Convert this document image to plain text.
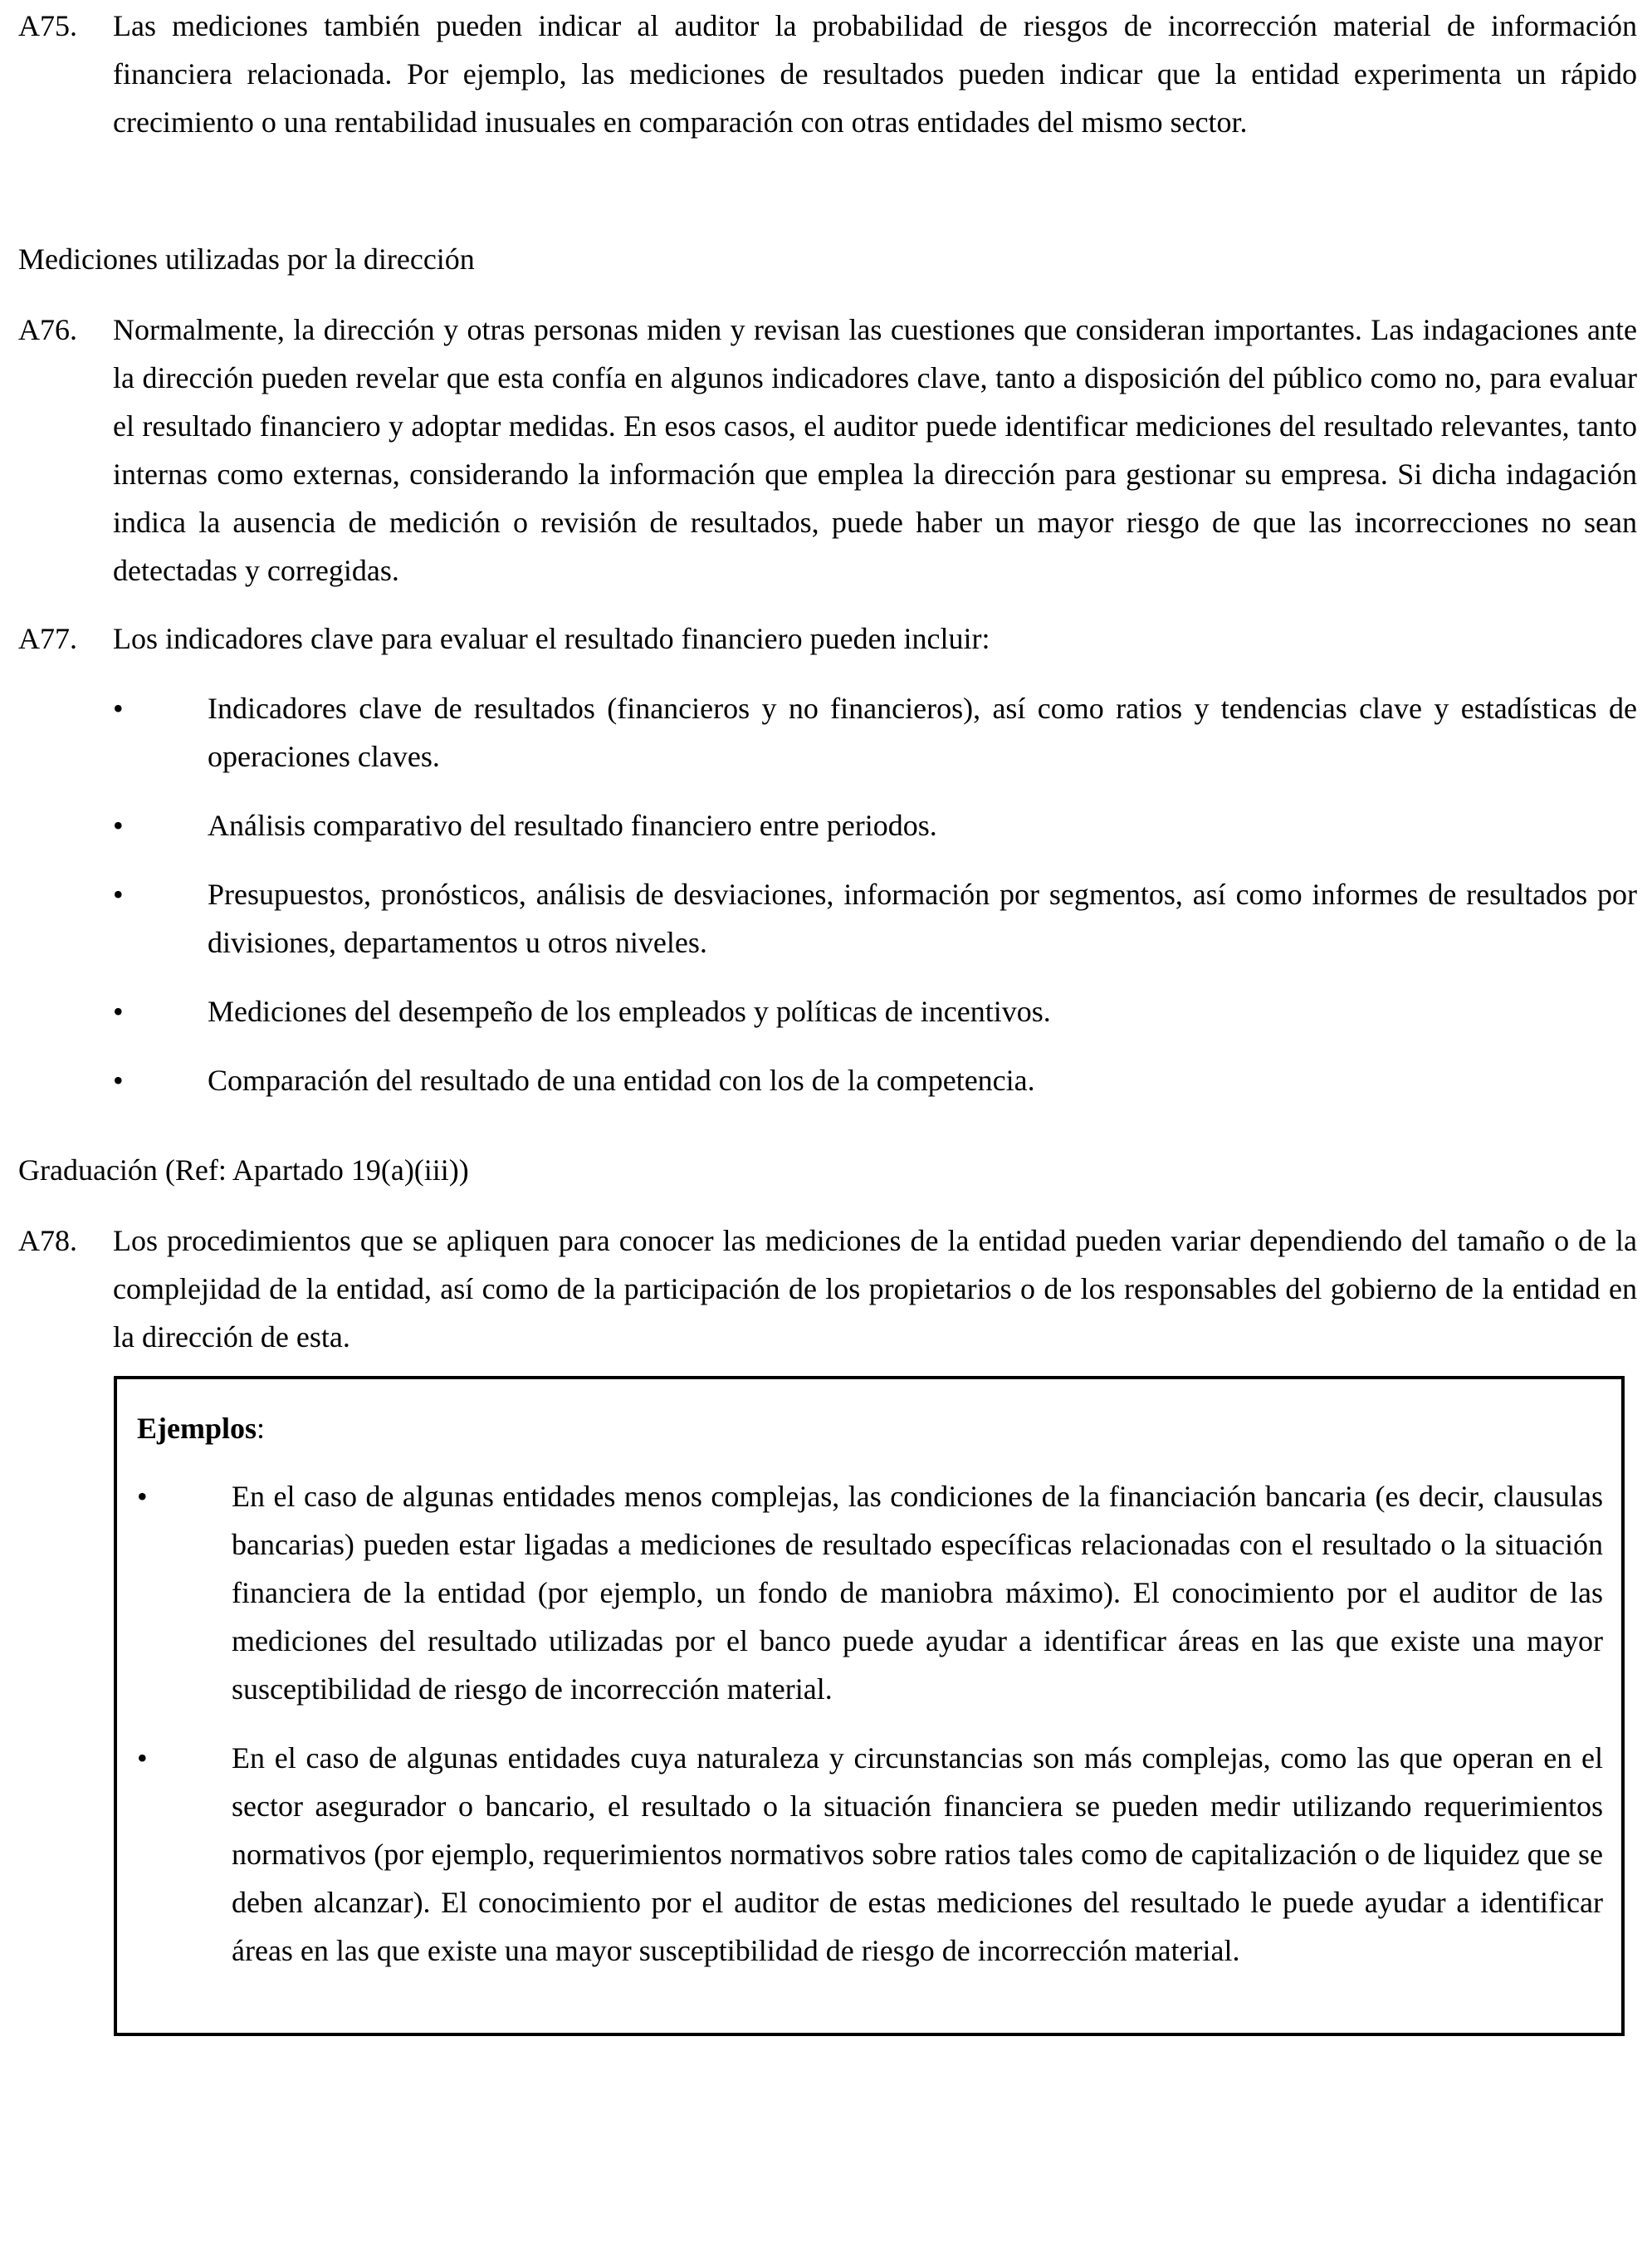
A75. Las mediciones también pueden indicar al auditor la probabilidad de riesgos de incorrección material de información financiera relacionada. Por ejemplo, las mediciones de resultados pueden indicar que la entidad experimenta un rápido crecimiento o una rentabilidad inusuales en comparación con otras entidades del mismo sector.
Mediciones utilizadas por la dirección
A76. Normalmente, la dirección y otras personas miden y revisan las cuestiones que consideran importantes. Las indagaciones ante la dirección pueden revelar que esta confía en algunos indicadores clave, tanto a disposición del público como no, para evaluar el resultado financiero y adoptar medidas. En esos casos, el auditor puede identificar mediciones del resultado relevantes, tanto internas como externas, considerando la información que emplea la dirección para gestionar su empresa. Si dicha indagación indica la ausencia de medición o revisión de resultados, puede haber un mayor riesgo de que las incorrecciones no sean detectadas y corregidas.
A77. Los indicadores clave para evaluar el resultado financiero pueden incluir:
•	Indicadores clave de resultados (financieros y no financieros), así como ratios y tendencias clave y estadísticas de operaciones claves.
•	Análisis comparativo del resultado financiero entre periodos.
•	Presupuestos, pronósticos, análisis de desviaciones, información por segmentos, así como informes de resultados por divisiones, departamentos u otros niveles.
•	Mediciones del desempeño de los empleados y políticas de incentivos.
•	Comparación del resultado de una entidad con los de la competencia.
Graduación (Ref: Apartado 19(a)(iii))
A78. Los procedimientos que se apliquen para conocer las mediciones de la entidad pueden variar dependiendo del tamaño o de la complejidad de la entidad, así como de la participación de los propietarios o de los responsables del gobierno de la entidad en la dirección de esta.
Ejemplos:
•	En el caso de algunas entidades menos complejas, las condiciones de la financiación bancaria (es decir, clausulas bancarias) pueden estar ligadas a mediciones de resultado específicas relacionadas con el resultado o la situación financiera de la entidad (por ejemplo, un fondo de maniobra máximo). El conocimiento por el auditor de las mediciones del resultado utilizadas por el banco puede ayudar a identificar áreas en las que existe una mayor susceptibilidad de riesgo de incorrección material.
•	En el caso de algunas entidades cuya naturaleza y circunstancias son más complejas, como las que operan en el sector asegurador o bancario, el resultado o la situación financiera se pueden medir utilizando requerimientos normativos (por ejemplo, requerimientos normativos sobre ratios tales como de capitalización o de liquidez que se deben alcanzar). El conocimiento por el auditor de estas mediciones del resultado le puede ayudar a identificar áreas en las que existe una mayor susceptibilidad de riesgo de incorrección material.
